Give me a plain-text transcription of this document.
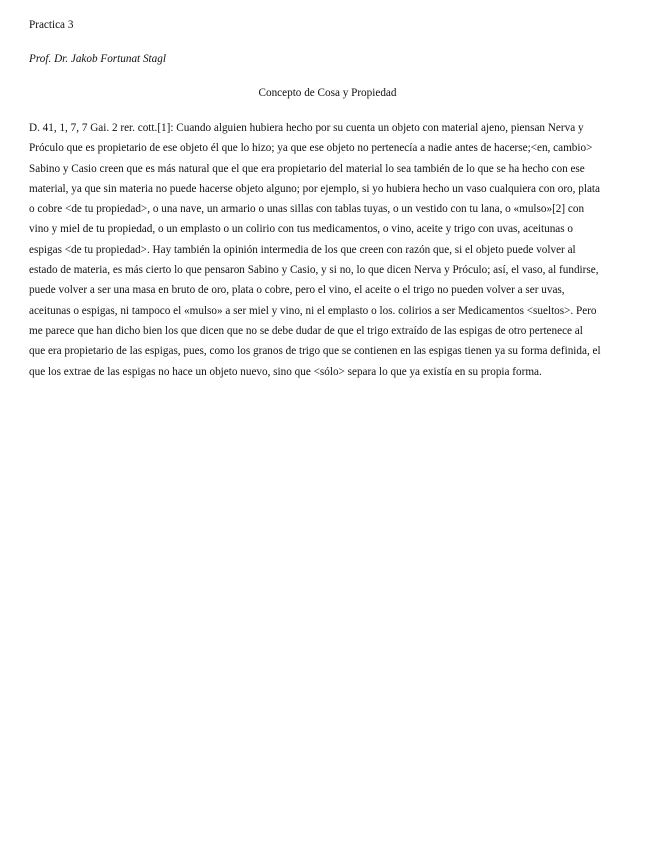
Practica 3
Prof. Dr. Jakob Fortunat Stagl
Concepto de Cosa y Propiedad
D. 41, 1, 7, 7 Gai. 2 rer. cott.[1]: Cuando alguien hubiera hecho por su cuenta un objeto con material ajeno, piensan Nerva y
Próculo que es propietario de ese objeto él que lo hizo; ya que ese objeto no pertenecía a nadie antes de hacerse;<en, cambio>
Sabino y Casio creen que es más natural que el que era propietario del material lo sea también de lo que se ha hecho con ese
material, ya que sin materia no puede hacerse objeto alguno; por ejemplo, si yo hubiera hecho un vaso cualquiera con oro, plata
o cobre <de tu propiedad>, o una nave, un armario o unas sillas con tablas tuyas, o un vestido con tu lana, o «mulso»[2] con
vino y miel de tu propiedad, o un emplasto o un colirio con tus medicamentos, o vino, aceite y trigo con uvas, aceitunas o
espigas <de tu propiedad>. Hay también la opinión intermedia de los que creen con razón que, si el objeto puede volver al
estado de materia, es más cierto lo que pensaron Sabino y Casio, y si no, lo que dicen Nerva y Próculo; así, el vaso, al fundirse,
puede volver a ser una masa en bruto de oro, plata o cobre, pero el vino, el aceite o el trigo no pueden volver a ser uvas,
aceitunas o espigas, ni tampoco el «mulso» a ser miel y vino, ni el emplasto o los. colirios a ser Medicamentos <sueltos>. Pero
me parece que han dicho bien los que dicen que no se debe dudar de que el trigo extraído de las espigas de otro pertenece al
que era propietario de las espigas, pues, como los granos de trigo que se contienen en las espigas tienen ya su forma definida, el
que los extrae de las espigas no hace un objeto nuevo, sino que <sólo> separa lo que ya existía en su propia forma.
